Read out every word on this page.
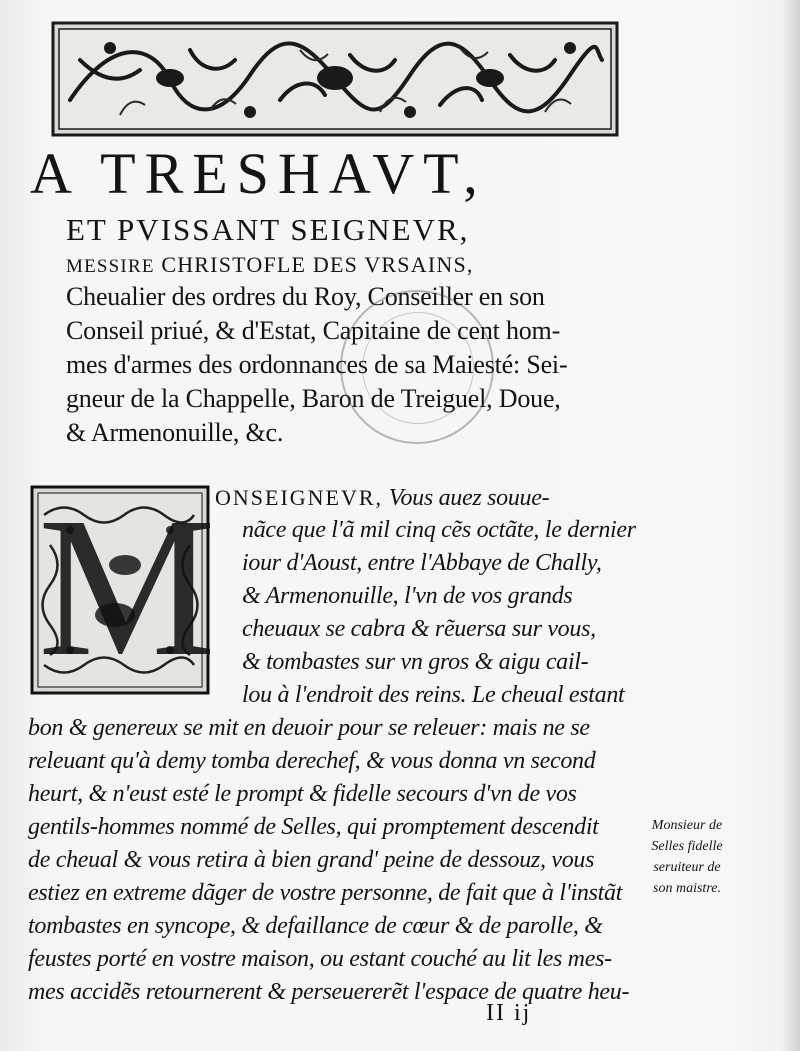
A TRESHAVT,
ET PVISSANT SEIGNEVR,
MESSIRE CHRISTOFLE DES VRSAINS,
Cheualier des ordres du Roy, Conseiller en son
Conseil priué, & d'Estat, Capitaine de cent hom-
mes d'armes des ordonnances de sa Maiesté: Sei-
gneur de la Chappelle, Baron de Treiguel, Doue,
& Armenonuille, &c.
M ONSEIGNEVR, Vous auez souue-
nãce que l'ã mil cinq cẽs octãte, le dernier
iour d'Aoust, entre l'Abbaye de Chally,
& Armenonuille, l'vn de vos grands
cheuaux se cabra & rẽuersa sur vous,
& tombastes sur vn gros & aigu cail-
lou à l'endroit des reins. Le cheual estant
bon & genereux se mit en deuoir pour se releuer: mais ne se
releuant qu'à demy tomba derechef, & vous donna vn second
heurt, & n'eust esté le prompt & fidelle secours d'vn de vos
gentils-hommes nommé de Selles, qui promptement descendit
de cheual & vous retira à bien grand' peine de dessouz, vous
estiez en extreme dãger de vostre personne, de fait que à l'instãt
tombastes en syncope, & defaillance de cœur & de parolle, &
feustes porté en vostre maison, ou estant couché au lit les mes-
mes accidẽs retournerent & perseuererẽt l'espace de quatre heu-
Monsieur de
Selles fidelle
seruiteur de
son maistre.
II ij
